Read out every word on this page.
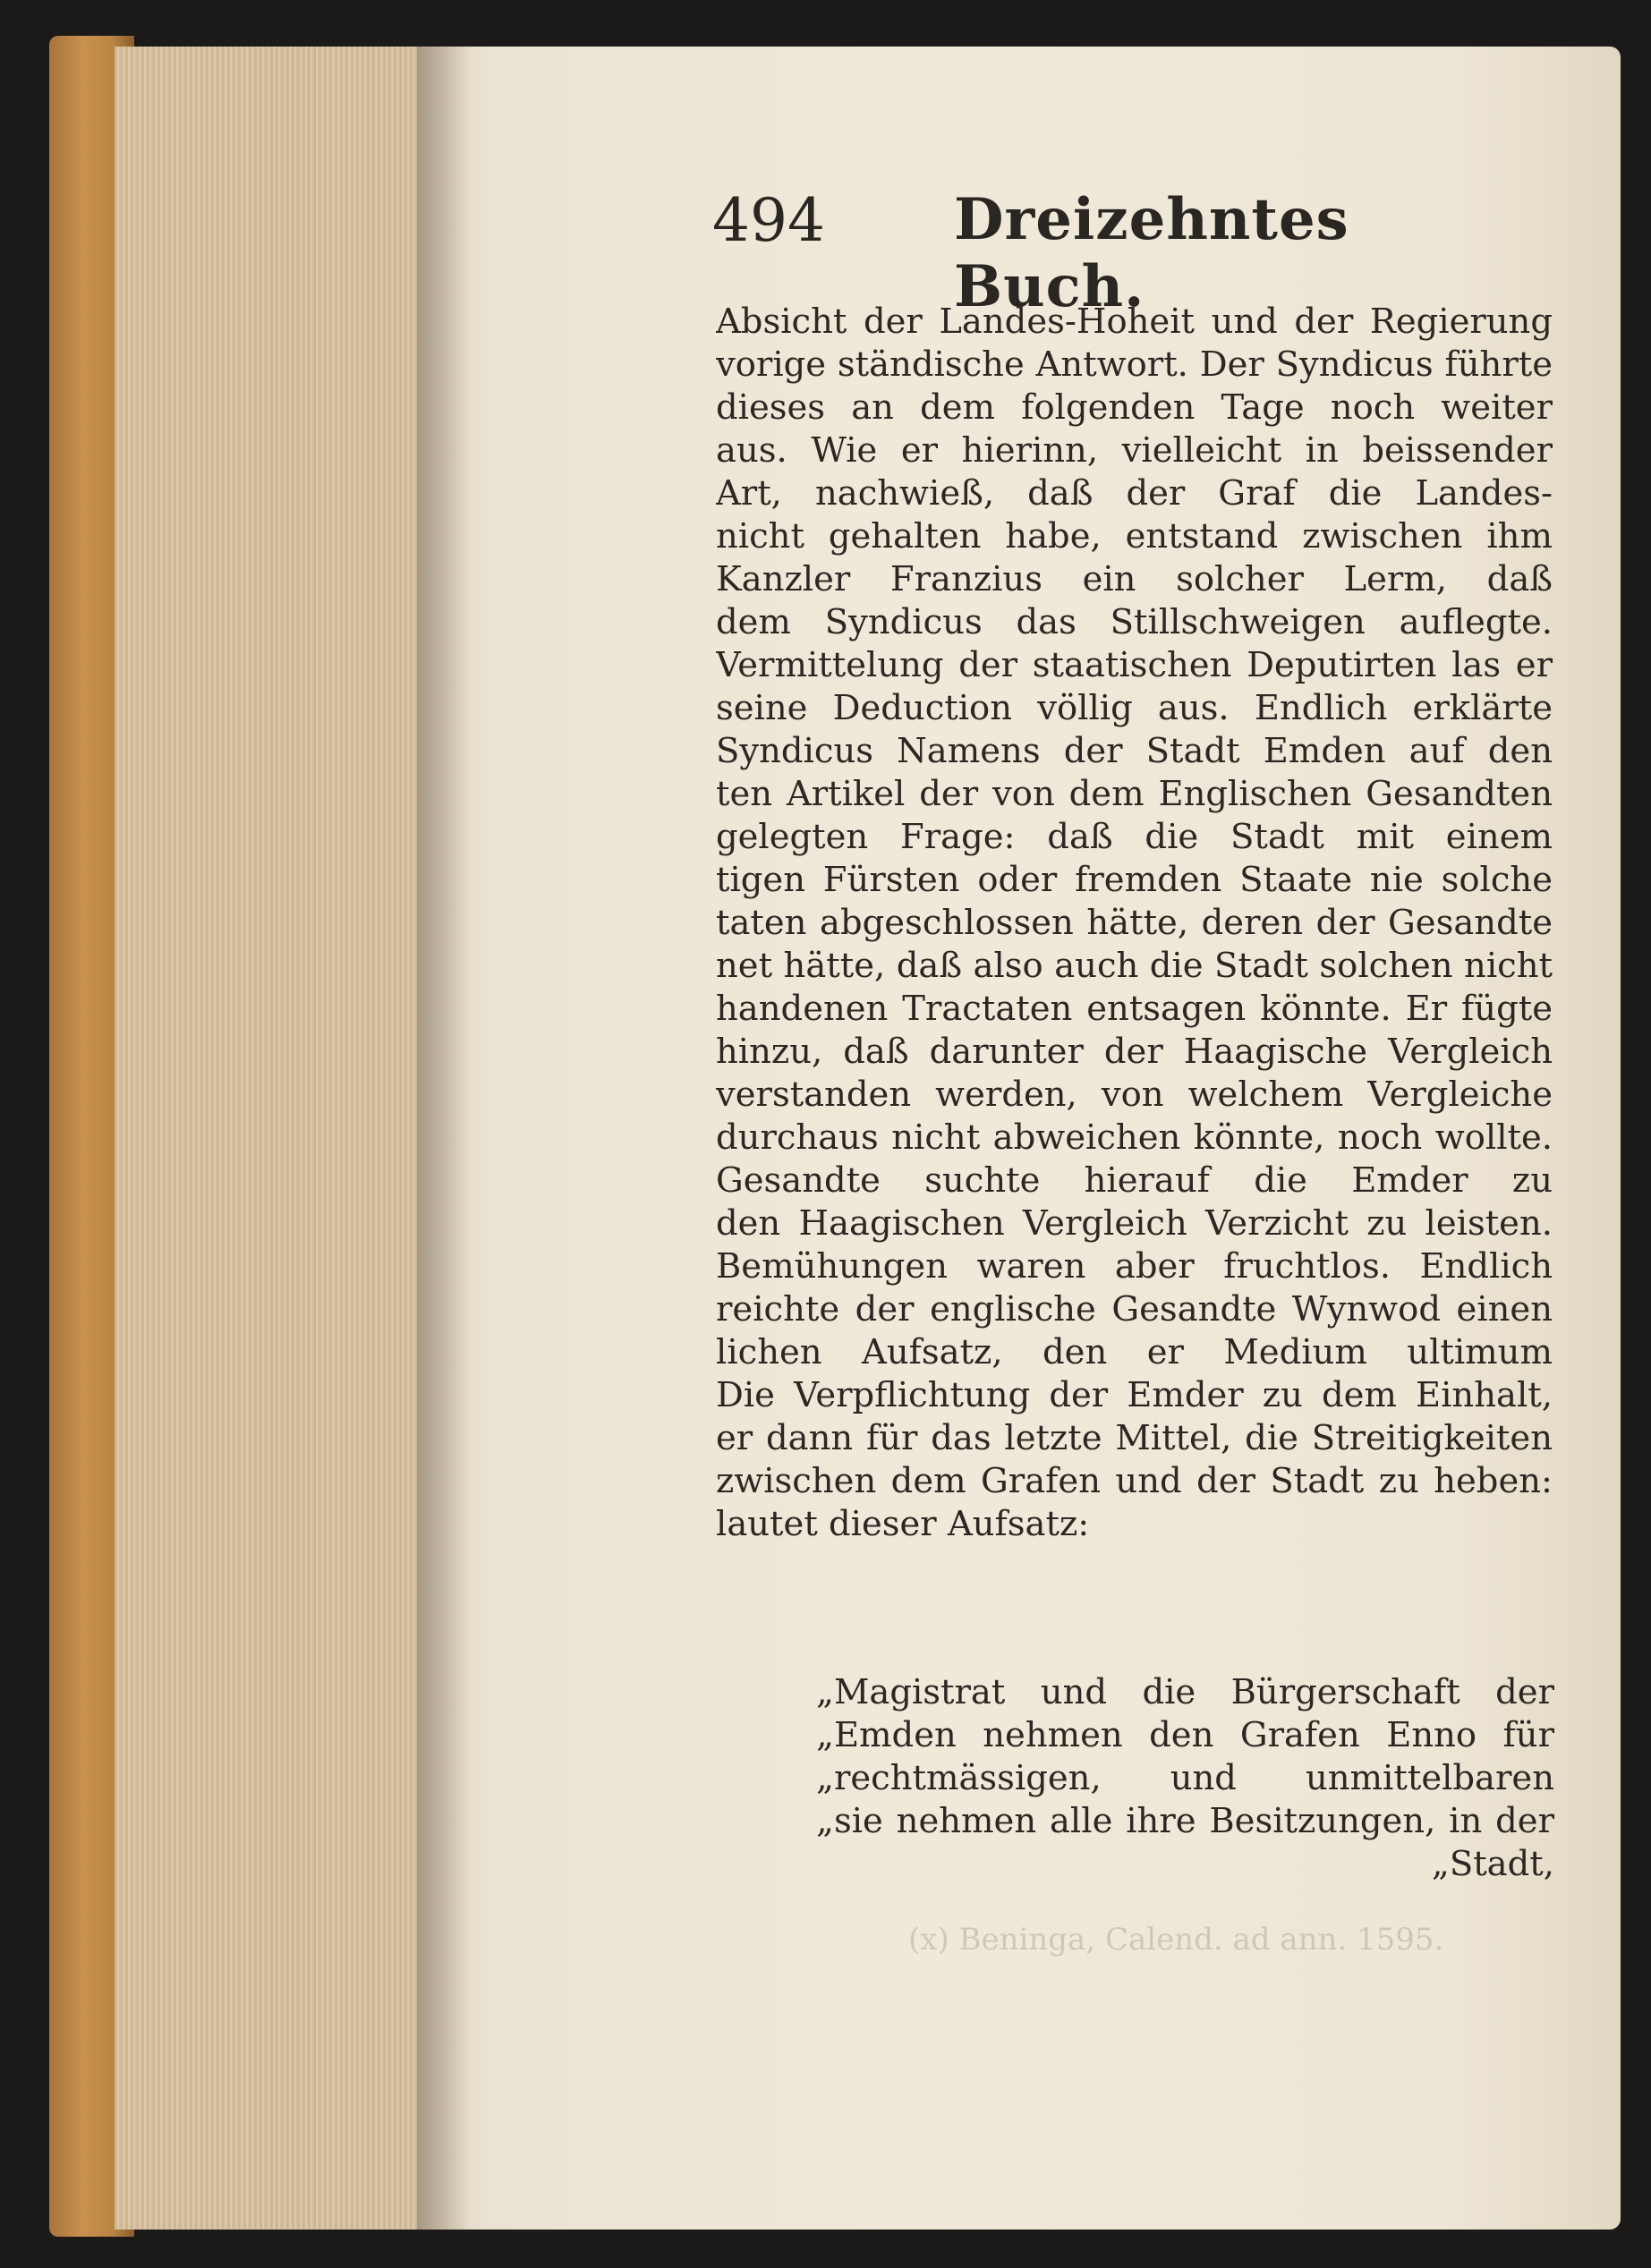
(x) Beninga, Calend. ad ann. 1595.
494 Dreizehntes Buch.
Absicht der Landes-Hoheit und der Regierung
vorige ständische Antwort. Der Syndicus führte
dieses an dem folgenden Tage noch weiter
aus. Wie er hierinn, vielleicht in beissender
Art, nachwieß, daß der Graf die Landes-
nicht gehalten habe, entstand zwischen ihm
Kanzler Franzius ein solcher Lerm, daß
dem Syndicus das Stillschweigen auflegte.
Vermittelung der staatischen Deputirten las er
seine Deduction völlig aus. Endlich erklärte
Syndicus Namens der Stadt Emden auf den
ten Artikel der von dem Englischen Gesandten
gelegten Frage: daß die Stadt mit einem
tigen Fürsten oder fremden Staate nie solche
taten abgeschlossen hätte, deren der Gesandte
net hätte, daß also auch die Stadt solchen nicht
handenen Tractaten entsagen könnte. Er fügte
hinzu, daß darunter der Haagische Vergleich
verstanden werden, von welchem Vergleiche
durchaus nicht abweichen könnte, noch wollte.
Gesandte suchte hierauf die Emder zu
den Haagischen Vergleich Verzicht zu leisten.
Bemühungen waren aber fruchtlos. Endlich
reichte der englische Gesandte Wynwod einen
lichen Aufsatz, den er Medium ultimum
Die Verpflichtung der Emder zu dem Einhalt,
er dann für das letzte Mittel, die Streitigkeiten
zwischen dem Grafen und der Stadt zu heben:
lautet dieser Aufsatz:
„Magistrat und die Bürgerschaft der
„Emden nehmen den Grafen Enno für
„rechtmässigen, und unmittelbaren
„sie nehmen alle ihre Besitzungen, in der
„Stadt,
